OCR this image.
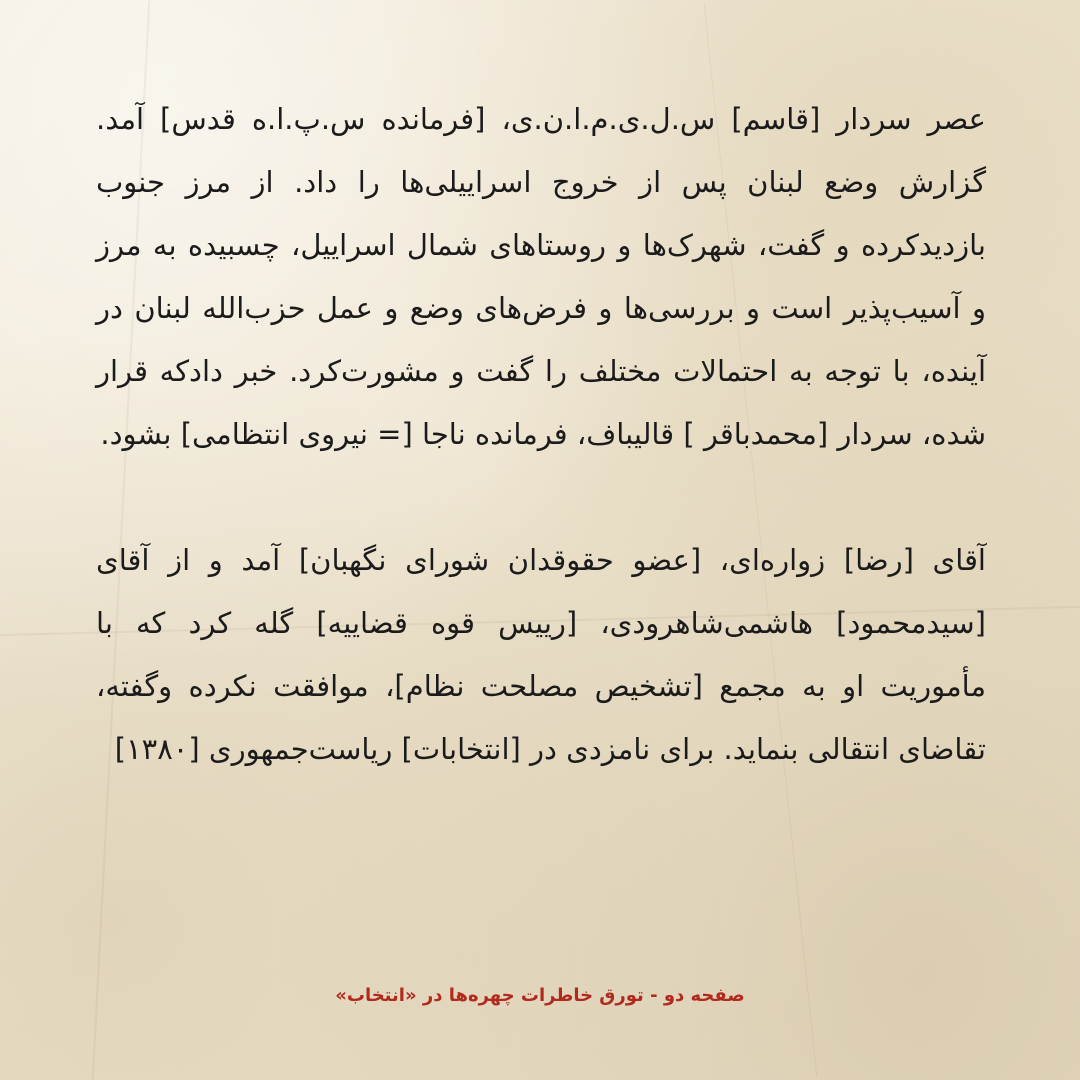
عصر سردار [قاسم] س.ل.ی.م.ا.ن.ی، [فرمانده س.پ.ا.ه قدس] آمد. گزارش وضع لبنان پس از خروج اسراییلی‌ها را داد. از مرز جنوب بازدیدکرده و گفت، شهرک‌ها و روستاهای شمال اسراییل، چسبیده به مرز و آسیب‌پذیر است و بررسی‌ها و فرض‌های وضع و عمل حزب‌الله لبنان در آینده، با توجه به احتمالات مختلف را گفت و مشورت‌کرد. خبر دادکه قرار شده، سردار [محمدباقر ] قالیباف، فرمانده ناجا [= نیروی انتظامی] بشود.

آقای [رضا] زواره‌ای، [عضو حقوقدان شورای نگهبان] آمد و از آقای [سیدمحمود] هاشمی‌شاهرودی، [رییس قوه قضاییه] گله کرد که با مأموریت او به مجمع [تشخیص مصلحت نظام]، موافقت نکرده وگفته، تقاضای انتقالی بنماید. برای نامزدی در [انتخابات] ریاست‌جمهوری [۱۳۸۰]

صفحه دو - تورق خاطرات چهره‌ها در «انتخاب»
